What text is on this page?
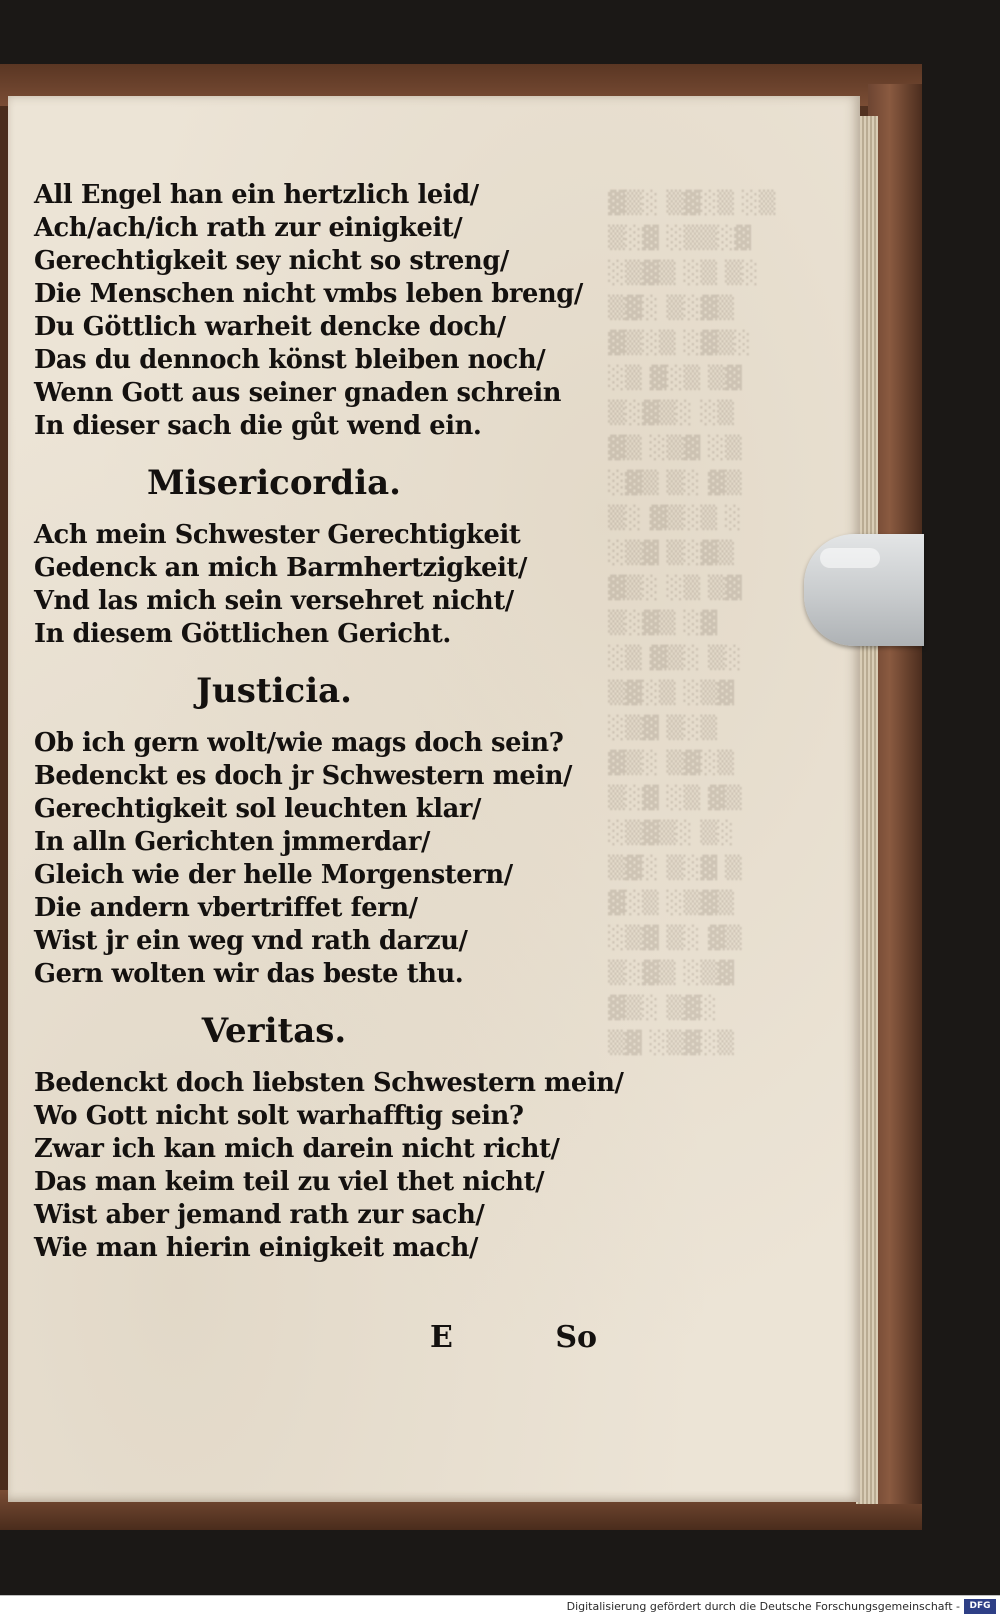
▓▒░ ▒▓░▒ ░▒
▒░▓ ░▒▒░▓
░▒▓▒ ░▒ ▒░
▒▓░ ▒░▓▒
▓▒░▒ ░▓▒░
░▒ ▓░▒ ▒▓
▒░▓▒░ ░▒
▓▒ ░▒▓ ░▒
░▓▒ ▒░ ▓▒
▒░ ▓▒░▒ ░
░▒▓ ▒░▓▒
▓▒░ ░▒ ▒▓
▒░▓▒ ░▓
░▒ ▓▒░ ▒░
▒▓░▒ ░▒▓
░▒▓ ▒░▒
▓▒░ ▒▓░▒
▒░▓ ░▒ ▓▒
░▒▓▒░ ▒░
▒▓░ ▒░▓ ▒
▓░▒ ░▒▓▒
░▒▓ ▒░ ▓▒
▒░▓▒ ░▒▓
▓▒░ ▒▓░
▒▓ ░▒▓░▒
All Engel han ein hertzlich leid/
Ach/ach/ich rath zur einigkeit/
Gerechtigkeit sey nicht so streng/
Die Menschen nicht vmbs leben breng/
Du Göttlich warheit dencke doch/
Das du dennoch könst bleiben noch/
Wenn Gott aus seiner gnaden schrein
In dieser sach die gůt wend ein.
Misericordia.
Ach mein Schwester Gerechtigkeit
Gedenck an mich Barmhertzigkeit/
Vnd las mich sein versehret nicht/
In diesem Göttlichen Gericht.
Justicia.
Ob ich gern wolt/wie mags doch sein?
Bedenckt es doch jr Schwestern mein/
Gerechtigkeit sol leuchten klar/
In alln Gerichten jmmerdar/
Gleich wie der helle Morgenstern/
Die andern vbertriffet fern/
Wist jr ein weg vnd rath darzu/
Gern wolten wir das beste thu.
Veritas.
Bedenckt doch liebsten Schwestern mein/
Wo Gott nicht solt warhafftig sein?
Zwar ich kan mich darein nicht richt/
Das man keim teil zu viel thet nicht/
Wist aber jemand rath zur sach/
Wie man hierin einigkeit mach/
E	So
Digitalisierung gefördert durch die Deutsche Forschungsgemeinschaft -	DFG
